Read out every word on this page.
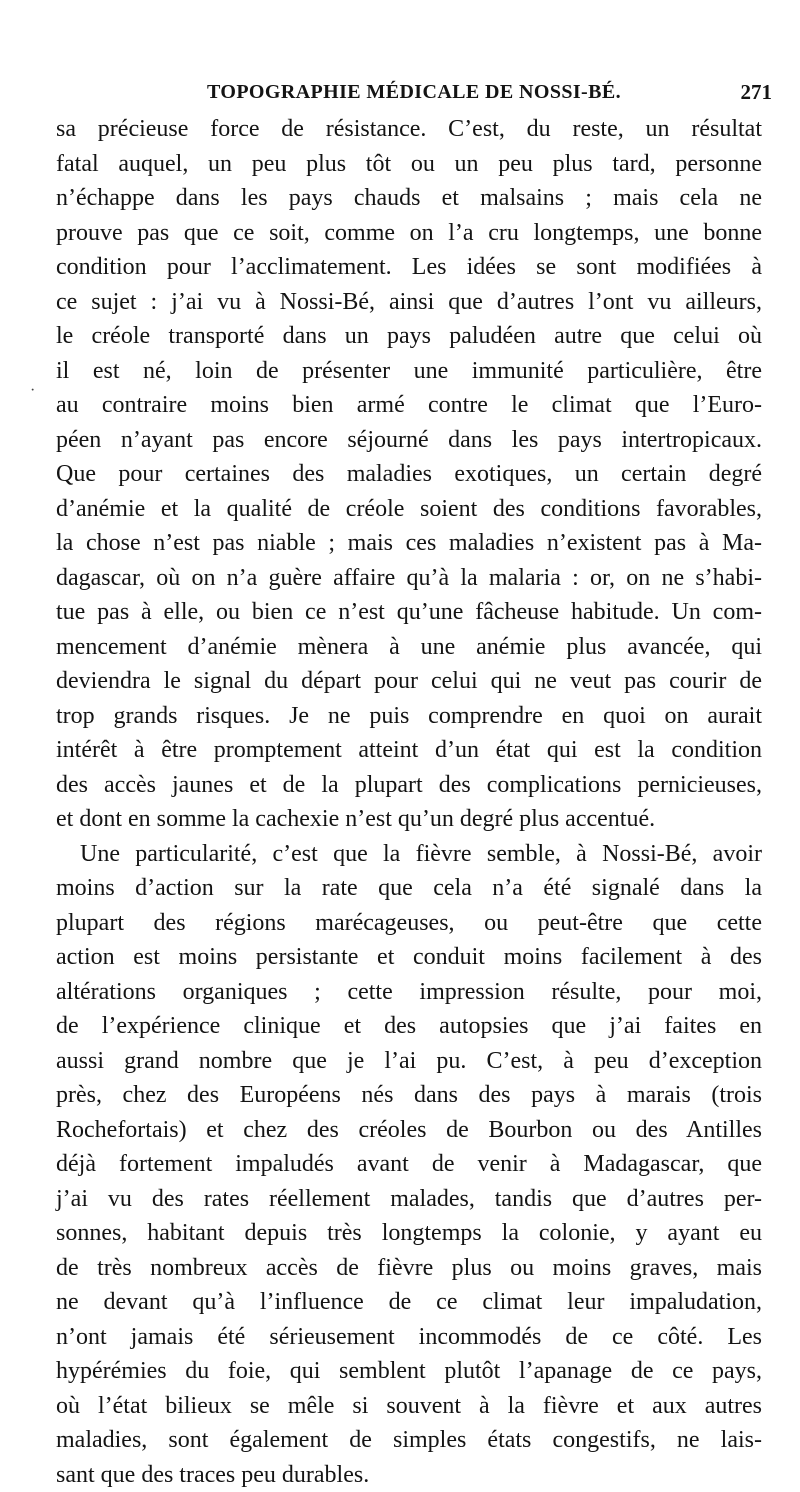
TOPOGRAPHIE MÉDICALE DE NOSSI-BÉ.	271
·
sa précieuse force de résistance. C’est, du reste, un résultat
fatal auquel, un peu plus tôt ou un peu plus tard, personne
n’échappe dans les pays chauds et malsains ; mais cela ne
prouve pas que ce soit, comme on l’a cru longtemps, une bonne
condition pour l’acclimatement. Les idées se sont modifiées à
ce sujet : j’ai vu à Nossi-Bé, ainsi que d’autres l’ont vu ailleurs,
le créole transporté dans un pays paludéen autre que celui où
il est né, loin de présenter une immunité particulière, être
au contraire moins bien armé contre le climat que l’Euro-
péen n’ayant pas encore séjourné dans les pays intertropicaux.
Que pour certaines des maladies exotiques, un certain degré
d’anémie et la qualité de créole soient des conditions favorables,
la chose n’est pas niable ; mais ces maladies n’existent pas à Ma-
dagascar, où on n’a guère affaire qu’à la malaria : or, on ne s’habi-
tue pas à elle, ou bien ce n’est qu’une fâcheuse habitude. Un com-
mencement d’anémie mènera à une anémie plus avancée, qui
deviendra le signal du départ pour celui qui ne veut pas courir de
trop grands risques. Je ne puis comprendre en quoi on aurait
intérêt à être promptement atteint d’un état qui est la condition
des accès jaunes et de la plupart des complications pernicieuses,
et dont en somme la cachexie n’est qu’un degré plus accentué.
Une particularité, c’est que la fièvre semble, à Nossi-Bé, avoir
moins d’action sur la rate que cela n’a été signalé dans la
plupart des régions marécageuses, ou peut-être que cette
action est moins persistante et conduit moins facilement à des
altérations organiques ; cette impression résulte, pour moi,
de l’expérience clinique et des autopsies que j’ai faites en
aussi grand nombre que je l’ai pu. C’est, à peu d’exception
près, chez des Européens nés dans des pays à marais (trois
Rochefortais) et chez des créoles de Bourbon ou des Antilles
déjà fortement impaludés avant de venir à Madagascar, que
j’ai vu des rates réellement malades, tandis que d’autres per-
sonnes, habitant depuis très longtemps la colonie, y ayant eu
de très nombreux accès de fièvre plus ou moins graves, mais
ne devant qu’à l’influence de ce climat leur impaludation,
n’ont jamais été sérieusement incommodés de ce côté. Les
hypérémies du foie, qui semblent plutôt l’apanage de ce pays,
où l’état bilieux se mêle si souvent à la fièvre et aux autres
maladies, sont également de simples états congestifs, ne lais-
sant que des traces peu durables.
